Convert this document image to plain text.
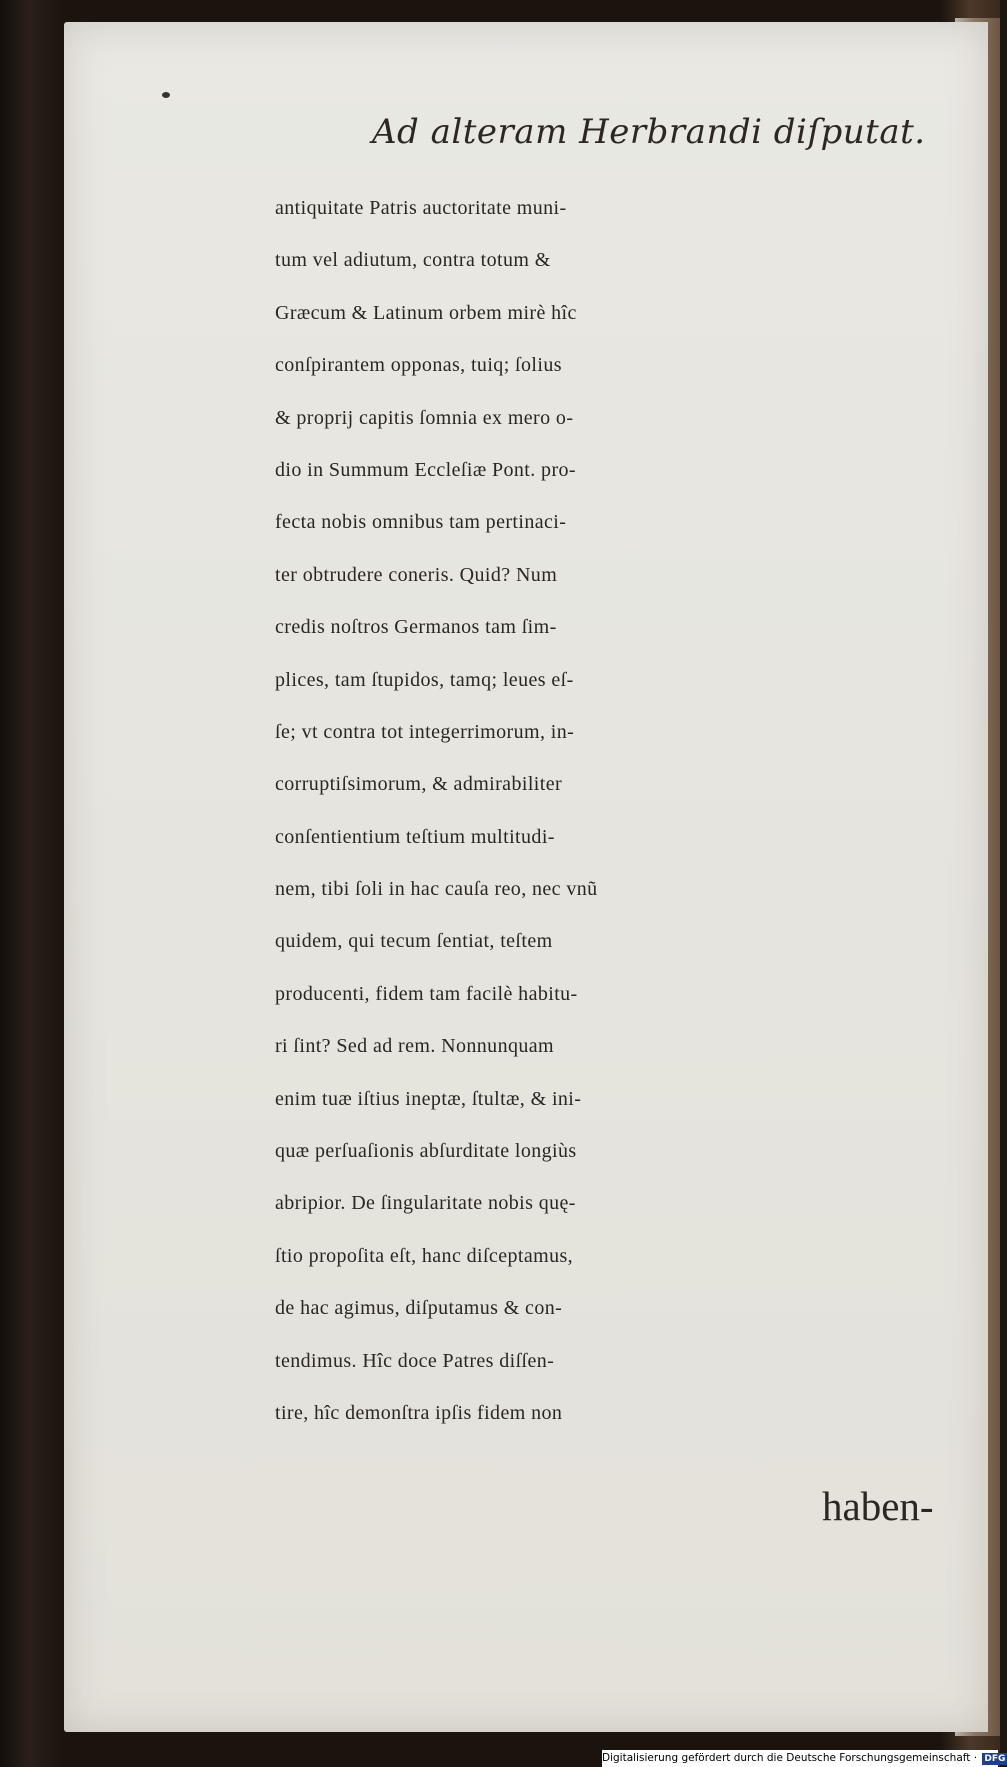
Ad alteram Herbrandi diſputat.
antiquitate Patris auctoritate muni-
tum vel adiutum, contra totum &
Græcum & Latinum orbem mirè hîc
conſpirantem opponas, tuiq; ſolius
& proprij capitis ſomnia ex mero o-
dio in Summum Eccleſiæ Pont. pro-
fecta nobis omnibus tam pertinaci-
ter obtrudere coneris. Quid? Num
credis noſtros Germanos tam ſim-
plices, tam ſtupidos, tamq; leues eſ-
ſe; vt contra tot integerrimorum, in-
corruptiſsimorum, & admirabiliter
conſentientium teſtium multitudi-
nem, tibi ſoli in hac cauſa reo, nec vnũ
quidem, qui tecum ſentiat, teſtem
producenti, fidem tam facilè habitu-
ri ſint? Sed ad rem. Nonnunquam
enim tuæ iſtius ineptæ, ſtultæ, & ini-
quæ perſuaſionis abſurditate longiùs
abripior. De ſingularitate nobis quę-
ſtio propoſita eſt, hanc diſceptamus,
de hac agimus, diſputamus & con-
tendimus. Hîc doce Patres diſſen-
tire, hîc demonſtra ipſis fidem non
haben-
Digitalisierung gefördert durch die Deutsche Forschungsgemeinschaft · DFG
